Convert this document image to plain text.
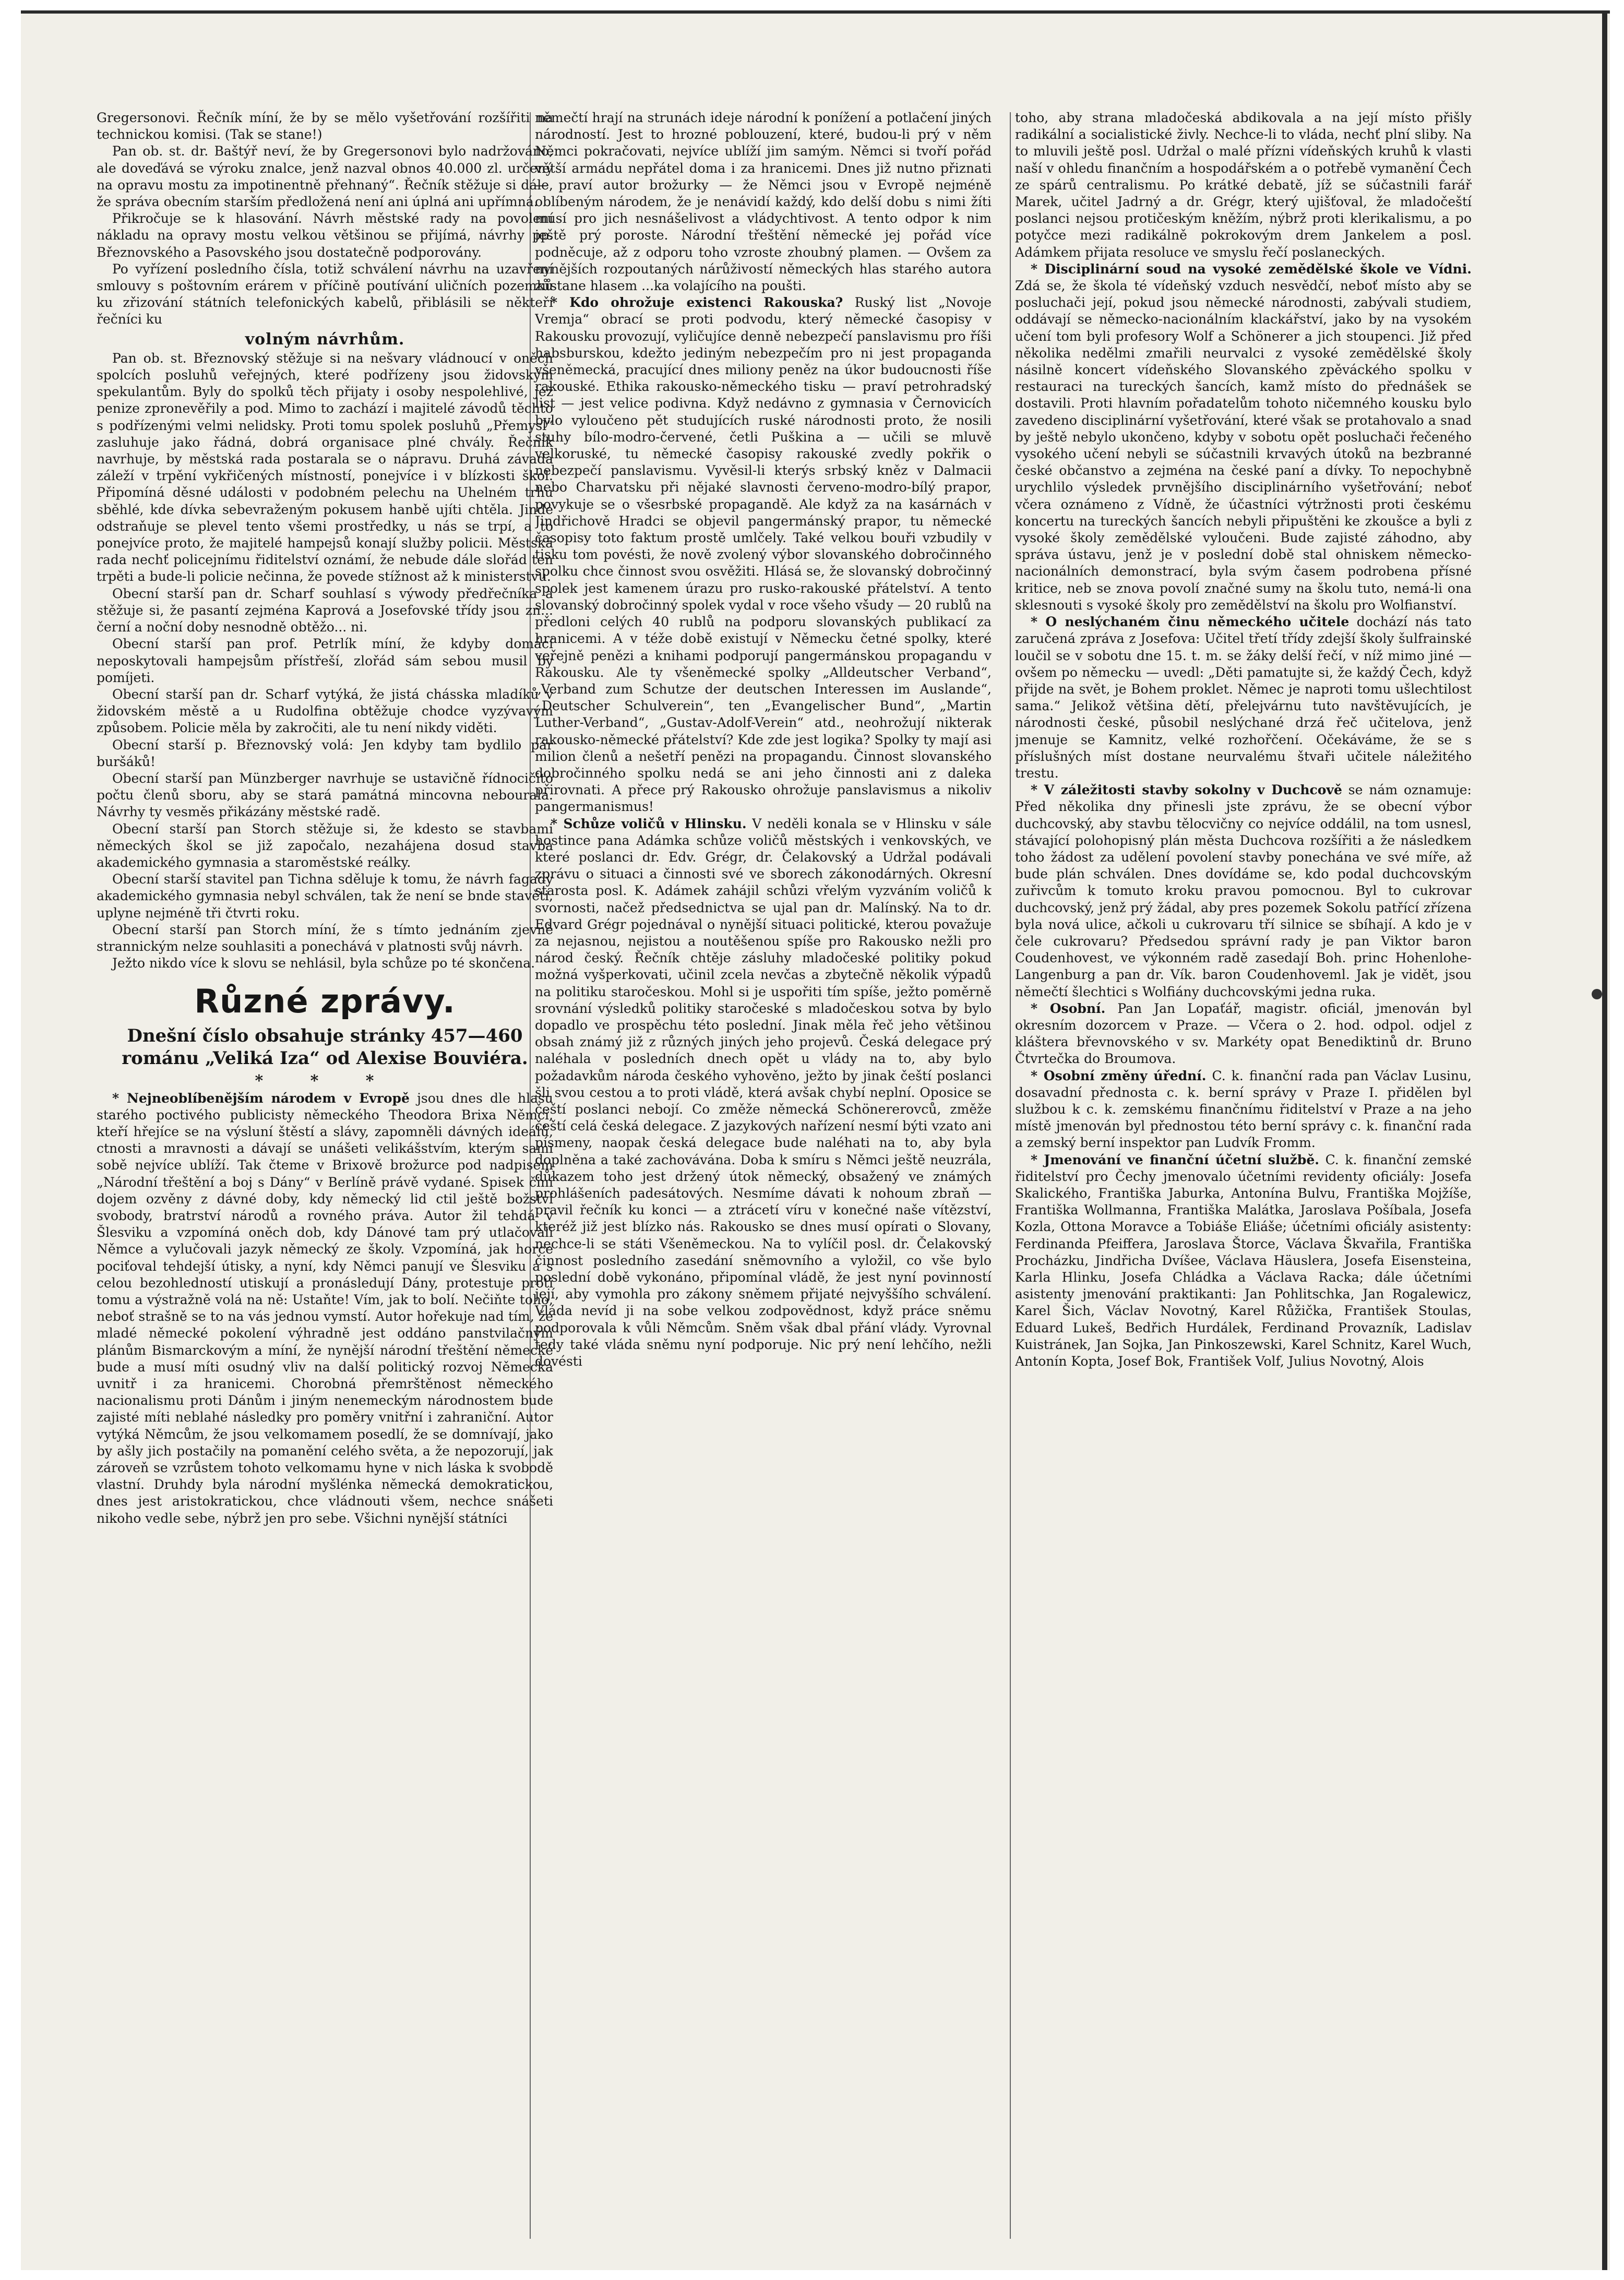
Gregersonovi. Řečník míní, že by se mělo vyšetřování rozšířiti na technickou komisi. (Tak se stane!)

Pan ob. st. dr. Baštýř neví, že by Gregersonovi bylo nadržováno, ale doveďává se výroku znalce, jenž nazval obnos 40.000 zl. určený na opravu mostu za impotinentně přehnaný“. Řečník stěžuje si dále, že správa obecním starším předložená není ani úplná ani upřímná.

Přikročuje se k hlasování. Návrh městské rady na povolení nákladu na opravy mostu velkou většinou se přijímá, návrhy pp. Březnovského a Pasovského jsou dostatečně podporovány.

Po vyřízení posledního čísla, totiž schválení návrhu na uzavření smlouvy s poštovním erárem v příčině poutívání uličních pozemků ku zřizování státních telefonických kabelů, přiblásili se někteří řečníci ku

volným návrhům.

Pan ob. st. Březnovský stěžuje si na nešvary vládnoucí v oněch spolcích posluhů veřejných, které podřízeny jsou židovským spekulantům. Byly do spolků těch přijaty i osoby nespolehlivé, jež penize zpronevěřily a pod. Mimo to zachází i majitelé závodů těchto s podřízenými velmi nelidsky. Proti tomu spolek posluhů „Přemysl“ zasluhuje jako řádná, dobrá organisace plné chvály. Řečník navrhuje, by městská rada postarala se o nápravu. Druhá závada záleží v trpění vykřičených místností, ponejvíce i v blízkosti škol. Připomíná děsné události v podobném pelechu na Uhelném trhu sběhlé, kde dívka sebevraženým pokusem hanbě ujíti chtěla. Jinde odstraňuje se plevel tento všemi prostředky, u nás se trpí, a to ponejvíce proto, že majitelé hampejsů konají služby policii. Městská rada nechť policejnímu řiditelství oznámí, že nebude dále slořád ten trpěti a bude-li policie nečinna, že povede stížnost až k ministerstvu.

Obecní starší pan dr. Scharf souhlasí s výwody předřečníka a stěžuje si, že pasantí zejména Kaprová a Josefovské třídy jsou zn... černí a noční doby nesnodně obtěžo... ni.

Obecní starší pan prof. Petrlík míní, že kdyby domácí neposkytovali hampejsům přístřeší, zlořád sám sebou musil by pomíjeti.

Obecní starší pan dr. Scharf vytýká, že jistá chásska mladíků v židovském městě a u Rudolfina obtěžuje chodce vyzývavým způsobem. Policie měla by zakročiti, ale tu není nikdy viděti.

Obecní starší p. Březnovský volá: Jen kdyby tam bydlilo pár buršáků!

Obecní starší pan Münzberger navrhuje se ustavičně řídnocičito počtu členů sboru, aby se stará památná mincovna nebourala. Návrhy ty vesměs přikázány městské radě.

Obecní starší pan Storch stěžuje si, že kdesto se stavbami německých škol se již započalo, nezahájena dosud stavba akademického gymnasia a staroměstské reálky.

Obecní starší stavitel pan Tichna sděluje k tomu, že návrh fagady akademického gymnasia nebyl schválen, tak že není se bnde stavěti, uplyne nejméně tři čtvrti roku.

Obecní starší pan Storch míní, že s tímto jednáním zjevně strannickým nelze souhlasiti a ponechává v platnosti svůj návrh.

Ježto nikdo více k slovu se nehlásil, byla schůze po té skončena.

Různé zprávy.
Dnešní číslo obsahuje stránky 457—460 románu „Veliká Iza“ od Alexise Bouviéra.
* * *

* Nejneoblíbenějším národem v Evropě jsou dnes dle hlasu starého poctivého publicisty německého Theodora Brixa Němci, kteří hřejíce se na výsluní štěstí a slávy, zapomněli dávných ideálů, ctnosti a mravnosti a dávají se unášeti velikášstvím, kterým sami sobě nejvíce ublíží. Tak čteme v Brixově brožurce pod nadpisem „Národní třeštění a boj s Dány“ v Berlíně právě vydané. Spisek činí dojem ozvěny z dávné doby, kdy německý lid ctil ještě božství svobody, bratrství národů a rovného práva. Autor žil tehdá v Šlesviku a vzpomíná oněch dob, kdy Dánové tam prý utlačovali Němce a vylučovali jazyk německý ze školy. Vzpomíná, jak horce pociťoval tehdejší útisky, a nyní, kdy Němci panují ve Šlesviku a s celou bezohledností utiskují a pronásledují Dány, protestuje proti tomu a výstražně volá na ně: Ustaňte! Vím, jak to bolí. Nečiňte toho, neboť strašně se to na vás jednou vymstí. Autor hořekuje nad tím, že mladé německé pokolení výhradně jest oddáno panstvilačným plánům Bismarckovým a míní, že nynější národní třeštění německé bude a musí míti osudný vliv na další politický rozvoj Německa uvnitř i za hranicemi. Chorobná přemrštěnost německého nacionalismu proti Dánům i jiným nenemeckým národnostem bude zajisté míti neblahé následky pro poměry vnitřní i zahraniční. Autor vytýká Němcům, že jsou velkomamem posedlí, že se domnívají, jako by ašly jich postačily na pomanění celého světa, a že nepozorují, jak zároveň se vzrůstem tohoto velkomamu hyne v nich láska k svobodě vlastní. Druhdy byla národní myšlénka německá demokratickou, dnes jest aristokratickou, chce vládnouti všem, nechce snášeti nikoho vedle sebe, nýbrž jen pro sebe. Všichni nynější státníci

němečtí hrají na strunách ideje národní k ponížení a potlačení jiných národností. Jest to hrozné poblouzení, které, budou-li prý v něm Němci pokračovati, nejvíce ublíží jim samým. Němci si tvoří pořád větší armádu nepřátel doma i za hranicemi. Dnes již nutno přiznati — praví autor brožurky — že Němci jsou v Evropě nejméně oblíbeným národem, že je nenávidí každý, kdo delší dobu s nimi žíti musí pro jich nesnášelivost a vládychtivost. A tento odpor k nim ještě prý poroste. Národní třeštění německé jej pořád více podněcuje, až z odporu toho vzroste zhoubný plamen. — Ovšem za nynějších rozpoutaných nárůživostí německých hlas starého autora zůstane hlasem ...ka volajícího na poušti.

* Kdo ohrožuje existenci Rakouska? Ruský list „Novoje Vremja“ obrací se proti podvodu, který německé časopisy v Rakousku provozují, vyličujíce denně nebezpečí panslavismu pro říši habsburskou, kdežto jediným nebezpečím pro ni jest propaganda všeněmecká, pracující dnes miliony peněz na úkor budoucnosti říše rakouské. Ethika rakousko-německého tisku — praví petrohradský list — jest velice podivna. Když nedávno z gymnasia v Černovicích bylo vyloučeno pět studujících ruské národnosti proto, že nosili stuhy bílo-modro-červené, četli Puškina a — učili se mluvě velkoruské, tu německé časopisy rakouské zvedly pokřik o nebezpečí panslavismu. Vyvěsil-li kterýs srbský kněz v Dalmacii nebo Charvatsku při nějaké slavnosti červeno-modro-bílý prapor, povykuje se o všesrbské propagandě. Ale když za na kasárnách v Jindřichově Hradci se objevil pangermánský prapor, tu německé časopisy toto faktum prostě umlčely. Také velkou bouři vzbudily v tisku tom povésti, že nově zvolený výbor slovanského dobročinného spolku chce činnost svou osvěžiti. Hlásá se, že slovanský dobročinný spolek jest kamenem úrazu pro rusko-rakouské přátelství. A tento slovanský dobročinný spolek vydal v roce všeho všudy — 20 rublů na předloni celých 40 rublů na podporu slovanských publikací za hranicemi. A v téže době existují v Německu četné spolky, které veřejně penězi a knihami podporují pangermánskou propagandu v Rakousku. Ale ty všeněmecké spolky „Alldeutscher Verband“, „Verband zum Schutze der deutschen Interessen im Auslande“, „Deutscher Schulverein“, ten „Evangelischer Bund“, „Martin Luther-Verband“, „Gustav-Adolf-Verein“ atd., neohrožují nikterak rakousko-německé přátelství? Kde zde jest logika? Spolky ty mají asi milion členů a nešetří penězi na propagandu. Činnost slovanského dobročinného spolku nedá se ani jeho činnosti ani z daleka přirovnati. A přece prý Rakousko ohrožuje panslavismus a nikoliv pangermanismus!

* Schůze voličů v Hlinsku. V neděli konala se v Hlinsku v sále hostince pana Adámka schůze voličů městských i venkovských, ve které poslanci dr. Edv. Grégr, dr. Čelakovský a Udržal podávali zprávu o situaci a činnosti své ve sborech zákonodárných. Okresní starosta posl. K. Adámek zahájil schůzi vřelým vyzváním voličů k svornosti, načež předsednictva se ujal pan dr. Malínský. Na to dr. Edvard Grégr pojednával o nynější situaci politické, kterou považuje za nejasnou, nejistou a noutěšenou spíše pro Rakousko nežli pro národ český. Řečník chtěje zásluhy mladočeské politiky pokud možná vyšperkovati, učinil zcela nevčas a zbytečně několik výpadů na politiku staročeskou. Mohl si je uspořiti tím spíše, ježto poměrně srovnání výsledků politiky staročeské s mladočeskou sotva by bylo dopadlo ve prospěchu této poslední. Jinak měla řeč jeho většinou obsah známý již z různých jiných jeho projevů. Česká delegace prý naléhala v posledních dnech opět u vlády na to, aby bylo požadavkům národa českého vyhověno, ježto by jinak čeští poslanci šli svou cestou a to proti vládě, která avšak chybí neplní. Oposice se čeští poslanci nebojí. Co změže německá Schönererovců, změže čeští celá česká delegace. Z jazykových nařízení nesmí býti vzato ani písmeny, naopak česká delegace bude naléhati na to, aby byla doplněna a také zachovávána. Doba k smíru s Němci ještě neuzrála, důkazem toho jest držený útok německý, obsažený ve známých prohlášeních padesátových. Nesmíme dávati k nohoum zbraň — pravil řečník ku konci — a ztrácetí víru v konečné naše vítězství, kteréž již jest blízko nás. Rakousko se dnes musí opírati o Slovany, nechce-li se státi Všeněmeckou. Na to vylíčil posl. dr. Čelakovský činnost posledního zasedání sněmovního a vyložil, co vše bylo poslední době vykonáno, připomínal vládě, že jest nyní povinností její, aby vymohla pro zákony sněmem přijaté nejvyššího schválení. Vláda nevíd ji na sobe velkou zodpovědnost, když práce sněmu podporovala k vůli Němcům. Sněm však dbal přání vlády. Vyrovnal tedy také vláda sněmu nyní podporuje. Nic prý není lehčího, nežli dovésti

toho, aby strana mladočeská abdikovala a na její místo přišly radikální a socialistické živly. Nechce-li to vláda, nechť plní sliby. Na to mluvili ještě posl. Udržal o malé přízni vídeňských kruhů k vlasti naší v ohledu finančním a hospodářském a o potřebě vymanění Čech ze spárů centralismu. Po krátké debatě, jíž se súčastnili farář Marek, učitel Jadrný a dr. Grégr, který ujišťoval, že mladočeští poslanci nejsou protičeským kněžím, nýbrž proti klerikalismu, a po potyčce mezi radikálně pokrokovým drem Jankelem a posl. Adámkem přijata resoluce ve smyslu řečí poslaneckých.

* Disciplinární soud na vysoké zemědělské škole ve Vídni. Zdá se, že škola té vídeňský vzduch nesvědčí, neboť místo aby se posluchači její, pokud jsou německé národnosti, zabývali studiem, oddávají se německo-nacionálním klackářství, jako by na vysokém učení tom byli profesory Wolf a Schönerer a jich stoupenci. Již před několika nedělmi zmařili neurvalci z vysoké zemědělské školy násilně koncert vídeňského Slovanského zpěváckého spolku v restauraci na tureckých šancích, kamž místo do přednášek se dostavili. Proti hlavním pořadatelům tohoto ničemného kousku bylo zavedeno disciplinární vyšetřování, které však se protahovalo a snad by ještě nebylo ukončeno, kdyby v sobotu opět posluchači řečeného vysokého učení nebyli se súčastnili krvavých útoků na bezbranné české občanstvo a zejména na české paní a dívky. To nepochybně urychlilo výsledek prvnějšího disciplinárního vyšetřování; neboť včera oznámeno z Vídně, že účastníci výtržnosti proti českému koncertu na tureckých šancích nebyli připuštěni ke zkoušce a byli z vysoké školy zemědělské vyloučeni. Bude zajisté záhodno, aby správa ústavu, jenž je v poslední době stal ohniskem německo-nacionálních demonstrací, byla svým časem podrobena přísné kritice, neb se znova povolí značné sumy na školu tuto, nemá-li ona sklesnouti s vysoké školy pro zemědělství na školu pro Wolfianství.

* O neslýchaném činu německého učitele dochází nás tato zaručená zpráva z Josefova: Učitel třetí třídy zdejší školy šulfrainské loučil se v sobotu dne 15. t. m. se žáky delší řečí, v níž mimo jiné — ovšem po německu — uvedl: „Děti pamatujte si, že každý Čech, když přijde na svět, je Bohem proklet. Němec je naproti tomu ušlechtilost sama.“ Jelikož většina dětí, přelejvárnu tuto navštěvujících, je národnosti české, působil neslýchané drzá řeč učitelova, jenž jmenuje se Kamnitz, velké rozhořčení. Očekáváme, že se s příslušných míst dostane neurvalému štvaři učitele náležitého trestu.

* V záležitosti stavby sokolny v Duchcově se nám oznamuje: Před několika dny přinesli jste zprávu, že se obecní výbor duchcovský, aby stavbu tělocvičny co nejvíce oddálil, na tom usnesl, stávající polohopisný plán města Duchcova rozšířiti a že následkem toho žádost za udělení povolení stavby ponechána ve své míře, až bude plán schválen. Dnes dovídáme se, kdo podal duchcovským zuřivcům k tomuto kroku pravou pomocnou. Byl to cukrovar duchcovský, jenž prý žádal, aby pres pozemek Sokolu patřící zřízena byla nová ulice, ačkoli u cukrovaru tří silnice se sbíhají. A kdo je v čele cukrovaru? Předsedou správní rady je pan Viktor baron Coudenhovest, ve výkonném radě zasedají Boh. princ Hohenlohe-Langenburg a pan dr. Vík. baron Coudenhoveml. Jak je vidět, jsou němečtí šlechtici s Wolfiány duchcovskými jedna ruka.

* Osobní. Pan Jan Lopaťář, magistr. oficiál, jmenován byl okresním dozorcem v Praze. — Včera o 2. hod. odpol. odjel z kláštera břevnovského v sv. Markéty opat Benediktinů dr. Bruno Čtvrtečka do Broumova.

* Osobní změny úřední. C. k. finanční rada pan Václav Lusinu, dosavadní přednosta c. k. berní správy v Praze I. přidělen byl službou k c. k. zemskému finančnímu řiditelství v Praze a na jeho místě jmenován byl přednostou této berní správy c. k. finanční rada a zemský berní inspektor pan Ludvík Fromm.

* Jmenování ve finanční účetní službě. C. k. finanční zemské řiditelství pro Čechy jmenovalo účetními revidenty oficiály: Josefa Skalického, Františka Jaburka, Antonína Bulvu, Františka Mojžíše, Františka Wollmanna, Františka Malátka, Jaroslava Pošíbala, Josefa Kozla, Ottona Moravce a Tobiáše Eliáše; účetními oficiály asistenty: Ferdinanda Pfeiffera, Jaroslava Štorce, Václava Škvařila, Františka Procházku, Jindřicha Dvíšee, Václava Häuslera, Josefa Eisensteina, Karla Hlinku, Josefa Chládka a Václava Racka; dále účetními asistenty jmenování praktikanti: Jan Pohlitschka, Jan Rogalewicz, Karel Šich, Václav Novotný, Karel Růžička, František Stoulas, Eduard Lukeš, Bedřich Hurdálek, Ferdinand Provazník, Ladislav Kuistránek, Jan Sojka, Jan Pinkoszewski, Karel Schnitz, Karel Wuch, Antonín Kopta, Josef Bok, František Volf, Julius Novotný, Alois
